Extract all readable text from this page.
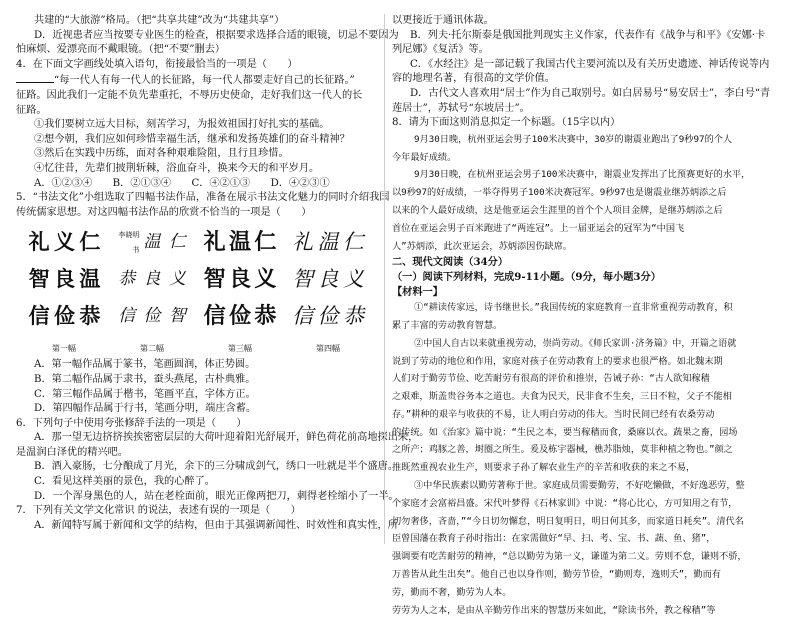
共建的“大旅游”格局。（把“共享共建”改为“共建共享”）
D．近视患者应当按要专业医生的检查，根据要求选择合适的眼镜，切忌不要因为
怕麻烦、爱漂亮而不戴眼镜。（把“不要”删去）
4．在下面文字画线处填入语句，衔接最恰当的一项是（　　）
“每一代人有每一代人的长征路，每一代人都要走好自己的长征路。”
征路。因此我们一定能不负先辈重托，不辱历史使命，走好我们这一代人的长
征路。
①我们要树立远大目标，刻苦学习，为报效祖国打好扎实的基础。
②想今朝，我们应如何珍惜幸福生活，继承和发扬英雄们的奋斗精神？
③然后在实践中历练，面对各种艰难险阻，且行且珍惜。
④忆往昔，先辈们披荆斩棘，浴血奋斗，换来今天的和平岁月。
A．①②③④　　B．②①③④　　C．④②①③　　D．④②③①
5．“书法文化”小组选取了四幅书法作品，准备在展示书法文化魅力的同时介绍我国
传统儒家思想。对这四幅书法作品的欣赏不恰当的一项是（　　）
仁
义
礼
温
良
智
恭
俭
信
第一幅
仁
温
李晓明书
义
良
恭
智
俭
信
第二幅
仁
温
礼
义
良
智
恭
俭
信
第三幅
仁
温
礼
义
良
智
恭
俭
信
第四幅
A．第一幅作品属于篆书，笔画圆润，体正势圆。
B．第二幅作品属于隶书，蚕头燕尾，古朴典雅。
C．第三幅作品属于楷书，笔画平直，字体方正。
D．第四幅作品属于行书，笔画分明，端庄含蓄。
6．下列句子中使用夸张修辞手法的一项是（　　）
A．那一望无边挤挤挨挨密密层层的大荷叶迎着阳光舒展开，鲜色荷花前高地探出来，
是温润白泽优的精兴吧。
B．酒入豪肠，七分酿成了月光，余下的三分啸成剑气，绣口一吐就是半个盛唐。
C．看见这样美丽的景色，我的心醉了。
D．一个浑身黑色的人，站在老栓面前，眼光正像两把刀，刺得老栓缩小了一半。
7．下列有关文学文化常识 的说法，表述有误的一项是（　　）
A．新闻特写属于新闻和文学的结构，但由于其强调新闻性、时效性和真实性，所
以更接近于通讯体裁。
B．列夫·托尔斯泰是俄国批判现实主义作家，代表作有《战争与和平》《安娜·卡
列尼娜》《复活》等。
C．《水经注》是一部记载了我国古代主要河流以及有关历史遗迹、神话传说等内
容的地理名著，有很高的文学价值。
D．古代文人喜欢用“居士”作为自己取别号。如白居易号“易安居士”，李白号“青
莲居士”，苏轼号“东坡居士”。
8．请为下面这则消息拟定一个标题。（15字以内）
9月30日晚，杭州亚运会男子100米决赛中，30岁的谢震业跑出了9秒97的个人
今年最好成绩。
9月30日晚，在杭州亚运会男子100米决赛中，谢震业发挥出了比预赛更好的水平，
以9秒97的好成绩，一举夺得男子100米决赛冠军。9秒97也是谢震业继苏炳添之后
以来的个人最好成绩，这是他亚运会生涯里的首个个人项目金牌，是继苏炳添之后
首位在亚运会男子百米跑进了“两连冠”。上一届亚运会的冠军为“中国飞
人”苏炳添，此次亚运会，苏炳添因伤缺席。
二、现代文阅读（34分）
（一）阅读下列材料，完成9-11小题。（9分，每小题3分）
【材料一】
①“耕读传家远，诗书继世长。”我国传统的家庭教育一直非常重视劳动教育，积
累了丰富的劳动教育智慧。
②中国人自古以来就重视劳动，崇尚劳动。《师氏家训·济务篇》中，开篇之语就
说到了劳动的地位和作用，家庭对孩子在劳动教育上的要求也很严格。如北魏末期
人们对于勤劳节俭、吃苦耐劳有很高的评价和推崇，告诫子孙：“古人欲知稼穑
之艰难，斯盖贵谷务本之道也。夫食为民天，民非食不生矣，三日不粒，父子不能相
存。”耕种的艰辛与收获的不易，让人明白劳动的伟大。当时民间已经有农桑劳动
的传统。如《治家》篇中说：“生民之本，要当稼穑而食，桑麻以衣。蔬果之畜，园场
之所产；鸡豚之善，埘圈之所生。爰及栋宇器械，樵苏脂烛，莫非种植之物也。”颜之
推既然重视农业生产，则要求子孙了解农业生产的辛苦和收获的来之不易，
③中华民族素以勤劳著称于世。家庭成员需要勤劳，不好吃懒做，不好逸恶劳，整
个家庭才会富裕昌盛。宋代叶梦得《石林家训》中说：“将心比心，方可知用之有节，
切勿奢侈，吝啬，”“今日切勿懈怠，明日复明日，明日何其多，而家道日耗矣”。清代名
臣曾国藩在教育子孙时指出：在家需做好“早、扫、考、宝、书、蔬、鱼、猪”，
强调要有吃苦耐劳的精神，“总以勤劳为第一义，谦谨为第二义。劳则不怠，谦则不骄，
万善皆从此生出矣”。他自己也以身作则，勤劳节俭，“勤则寿，逸则夭”，勤而有
劳，勤而不奢，勤劳为人本。
劳劳为人之本，是由从辛勤劳作出来的智慧历来如此，“除读书外，教之稼穑”等
